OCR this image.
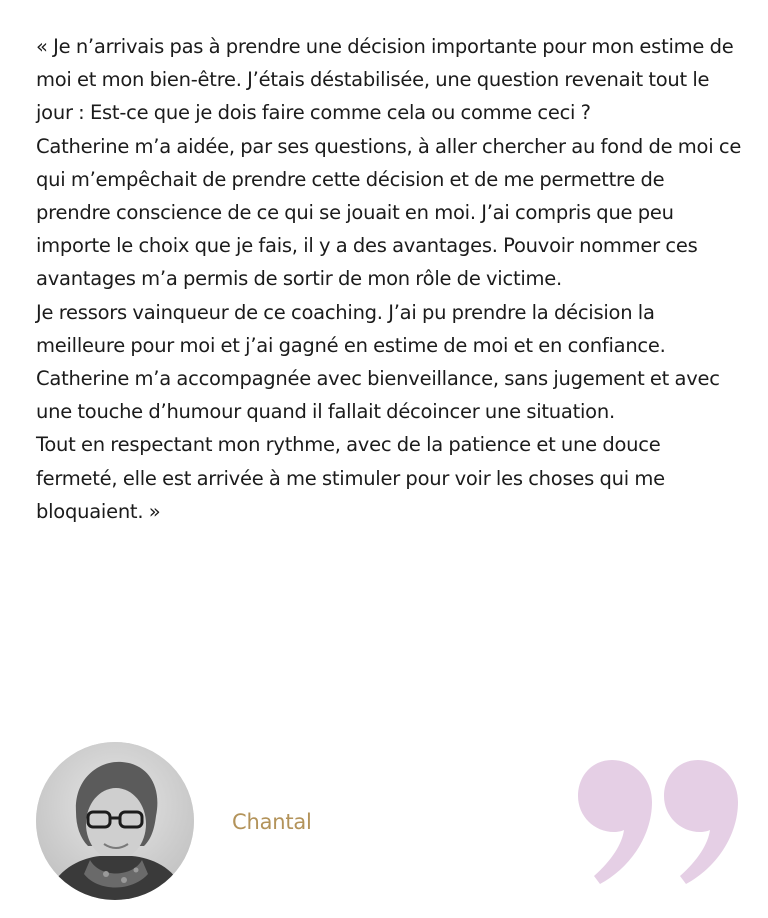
« Je n’arrivais pas à prendre une décision importante pour mon estime de moi et mon bien-être. J’étais déstabilisée, une question revenait tout le jour : Est-ce que je dois faire comme cela ou comme ceci ?

Catherine m’a aidée, par ses questions, à aller chercher au fond de moi ce qui m’empêchait de prendre cette décision et de me permettre de prendre conscience de ce qui se jouait en moi. J’ai compris que peu importe le choix que je fais, il y a des avantages. Pouvoir nommer ces avantages m’a permis de sortir de mon rôle de victime.

Je ressors vainqueur de ce coaching. J’ai pu prendre la décision la meilleure pour moi et j’ai gagné en estime de moi et en confiance.

Catherine m’a accompagnée avec bienveillance, sans jugement et avec une touche d’humour quand il fallait décoincer une situation.

Tout en respectant mon rythme, avec de la patience et une douce fermeté, elle est arrivée à me stimuler pour voir les choses qui me bloquaient. »

Chantal
